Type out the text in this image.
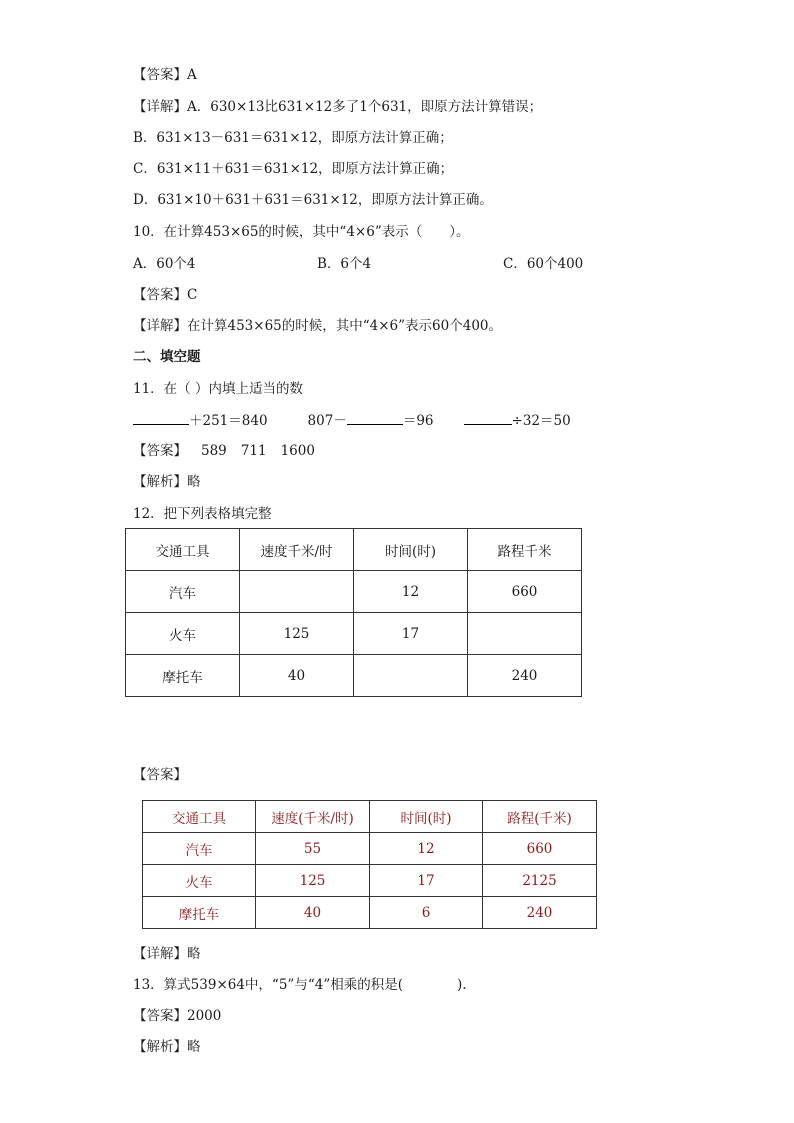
【答案】A
【详解】A．630×13比631×12多了1个631，即原方法计算错误；
B．631×13－631＝631×12，即原方法计算正确；
C．631×11＋631＝631×12，即原方法计算正确；
D．631×10＋631＋631＝631×12，即原方法计算正确。
10．在计算453×65的时候，其中“4×6”表示（　　）。
A．60个4	B．6个4	C．60个400
【答案】C
【详解】在计算453×65的时候，其中“4×6”表示60个400。
二、填空题
11．在（ ）内填上适当的数
＋251＝840	807－	＝96	÷32＝50
【答案】 589 711 1600
【解析】略
12．把下列表格填完整
交通工具	速度千米/时	时间(时)	路程千米
汽车		12	660
火车	125	17	
摩托车	40		240
【答案】
交通工具	速度(千米/时)	时间(时)	路程(千米)
汽车	55	12	660
火车	125	17	2125
摩托车	40	6	240
【详解】略
13．算式539×64中，“5”与“4”相乘的积是(　　　　).
【答案】2000
【解析】略
